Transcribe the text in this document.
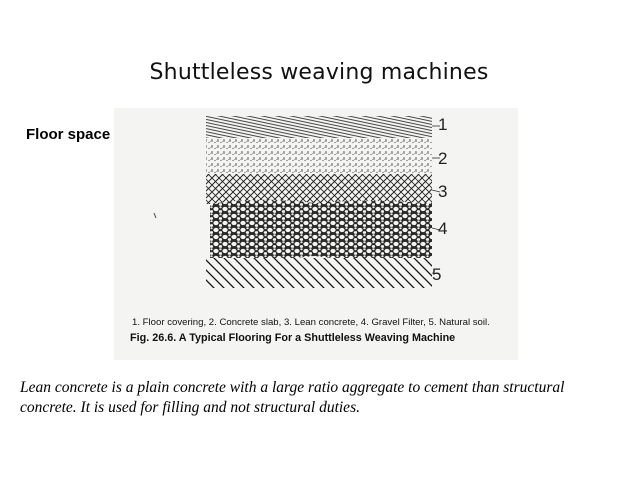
Shuttleless weaving machines
Floor space
1
2
3
4
5
1. Floor covering, 2. Concrete slab, 3. Lean concrete, 4. Gravel Filter, 5. Natural soil.
Fig. 26.6. A Typical Flooring For a Shuttleless Weaving Machine
Lean concrete is a plain concrete with a large ratio aggregate to cement than structural concrete. It is used for filling and not structural duties.
